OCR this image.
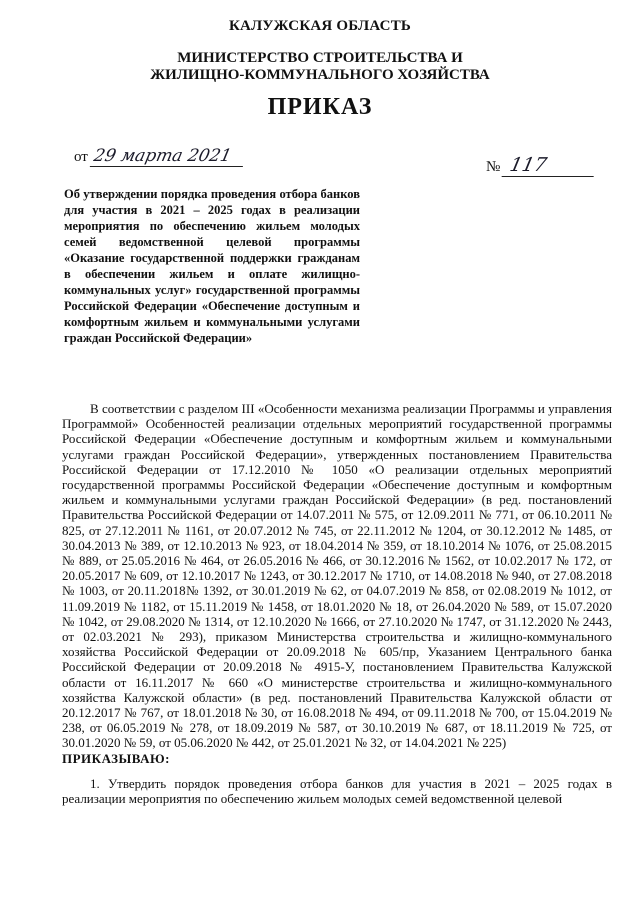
КАЛУЖСКАЯ ОБЛАСТЬ
МИНИСТЕРСТВО СТРОИТЕЛЬСТВА И
ЖИЛИЩНО-КОММУНАЛЬНОГО ХОЗЯЙСТВА
ПРИКАЗ
от 29 марта 2021
№ 117
Об утверждении порядка проведения отбора банков для участия в 2021 – 2025 годах в реализации мероприятия по обеспечению жильем молодых семей ведомственной целевой программы «Оказание государственной поддержки гражданам в обеспечении жильем и оплате жилищно-коммунальных услуг» государственной программы Российской Федерации «Обеспечение доступным и комфортным жильем и коммунальными услугами граждан Российской Федерации»

В соответствии с разделом III «Особенности механизма реализации Программы и управления Программой» Особенностей реализации отдельных мероприятий государственной программы Российской Федерации «Обеспечение доступным и комфортным жильем и коммунальными услугами граждан Российской Федерации», утвержденных постановлением Правительства Российской Федерации от 17.12.2010 № 1050 «О реализации отдельных мероприятий государственной программы Российской Федерации «Обеспечение доступным и комфортным жильем и коммунальными услугами граждан Российской Федерации» (в ред. постановлений Правительства Российской Федерации от 14.07.2011 № 575, от 12.09.2011 № 771, от 06.10.2011 № 825, от 27.12.2011 № 1161, от 20.07.2012 № 745, от 22.11.2012 № 1204, от 30.12.2012 № 1485, от 30.04.2013 № 389, от 12.10.2013 № 923, от 18.04.2014 № 359, от 18.10.2014 № 1076, от 25.08.2015 № 889, от 25.05.2016 № 464, от 26.05.2016 № 466, от 30.12.2016 № 1562, от 10.02.2017 № 172, от 20.05.2017 № 609, от 12.10.2017 № 1243, от 30.12.2017 № 1710, от 14.08.2018 № 940, от 27.08.2018 № 1003, от 20.11.2018№ 1392, от 30.01.2019 № 62, от 04.07.2019 № 858, от 02.08.2019 № 1012, от 11.09.2019 № 1182, от 15.11.2019 № 1458, от 18.01.2020 № 18, от 26.04.2020 № 589, от 15.07.2020 № 1042, от 29.08.2020 № 1314, от 12.10.2020 № 1666, от 27.10.2020 № 1747, от 31.12.2020 № 2443, от 02.03.2021 № 293), приказом Министерства строительства и жилищно-коммунального хозяйства Российской Федерации от 20.09.2018 № 605/пр, Указанием Центрального банка Российской Федерации от 20.09.2018 № 4915-У, постановлением Правительства Калужской области от 16.11.2017 № 660 «О министерстве строительства и жилищно-коммунального хозяйства Калужской области» (в ред. постановлений Правительства Калужской области от 20.12.2017 № 767, от 18.01.2018 № 30, от 16.08.2018 № 494, от 09.11.2018 № 700, от 15.04.2019 № 238, от 06.05.2019 № 278, от 18.09.2019 № 587, от 30.10.2019 № 687, от 18.11.2019 № 725, от 30.01.2020 № 59, от 05.06.2020 № 442, от 25.01.2021 № 32, от 14.04.2021 № 225)

ПРИКАЗЫВАЮ:

1. Утвердить порядок проведения отбора банков для участия в 2021 – 2025 годах в реализации мероприятия по обеспечению жильем молодых семей ведомственной целевой
